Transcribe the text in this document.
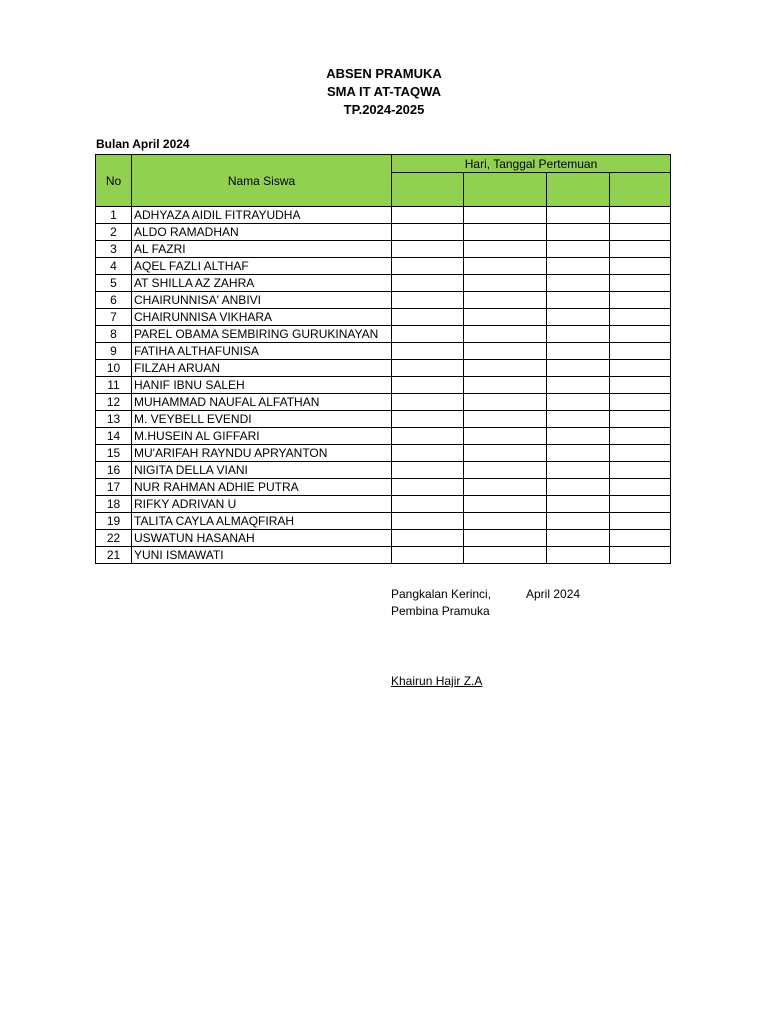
ABSEN PRAMUKA
SMA IT AT-TAQWA
TP.2024-2025
Bulan April 2024
No	Nama Siswa	Hari, Tanggal Pertemuan			

1	ADHYAZA AIDIL FITRAYUDHA				
2	ALDO RAMADHAN				
3	AL FAZRI				
4	AQEL FAZLI ALTHAF				
5	AT SHILLA AZ ZAHRA				
6	CHAIRUNNISA' ANBIVI				
7	CHAIRUNNISA VIKHARA				
8	PAREL OBAMA SEMBIRING GURUKINAYAN				
9	FATIHA ALTHAFUNISA				
10	FILZAH ARUAN				
11	HANIF IBNU SALEH				
12	MUHAMMAD NAUFAL ALFATHAN				
13	M. VEYBELL EVENDI				
14	M.HUSEIN AL GIFFARI				
15	MU'ARIFAH RAYNDU APRYANTON				
16	NIGITA DELLA VIANI				
17	NUR RAHMAN ADHIE PUTRA				
18	RIFKY ADRIVAN U				
19	TALITA CAYLA ALMAQFIRAH				
22	USWATUN HASANAH				
21	YUNI ISMAWATI				
Pangkalan Kerinci,	April 2024
Pembina Pramuka
Khairun Hajir Z.A
